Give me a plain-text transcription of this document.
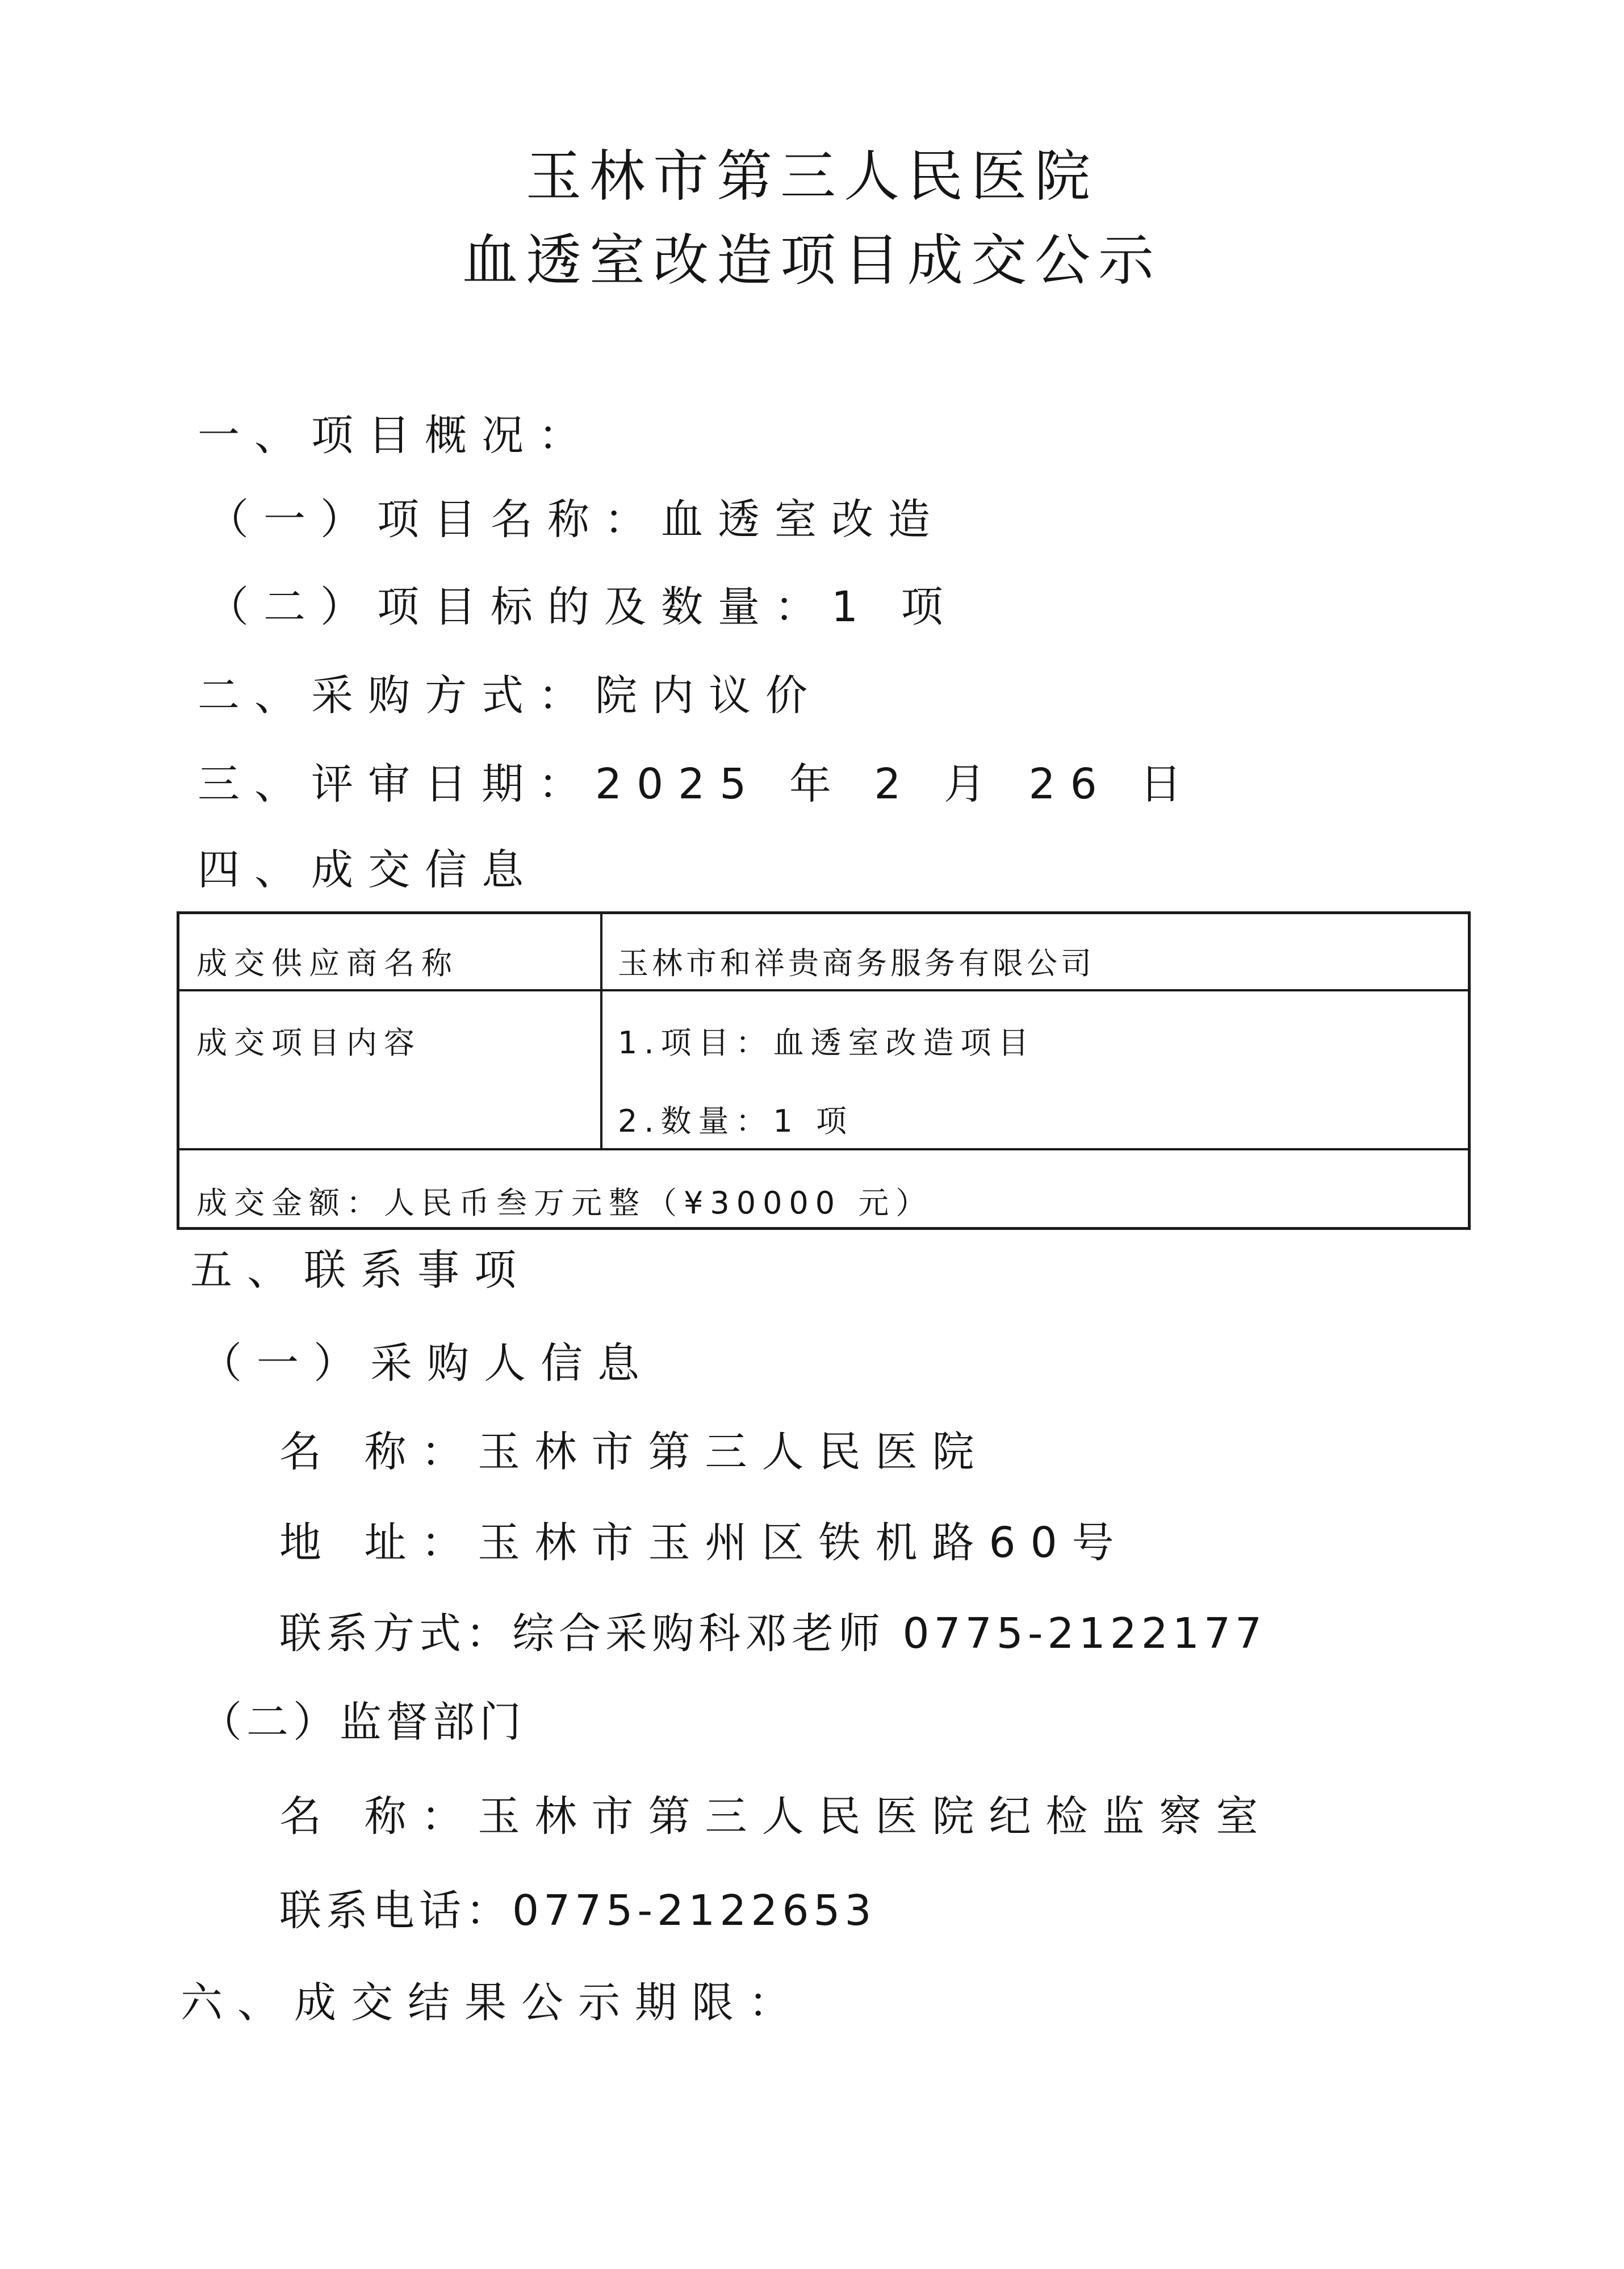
玉林市第三人民医院
血透室改造项目成交公示
一、项目概况：
（一）项目名称：血透室改造
（二）项目标的及数量：1 项
二、采购方式：院内议价
三、评审日期：2025 年 2 月 26 日
四、成交信息
成交供应商名称	玉林市和祥贵商务服务有限公司
成交项目内容	1.项目：血透室改造项目
2.数量：1 项
成交金额：人民币叁万元整（¥30000 元）
五、联系事项
（一）采购人信息
名 称：玉林市第三人民医院
地 址：玉林市玉州区铁机路60号
联系方式：综合采购科邓老师 0775-2122177
（二）监督部门
名 称：玉林市第三人民医院纪检监察室
联系电话：0775-2122653
六、成交结果公示期限：
